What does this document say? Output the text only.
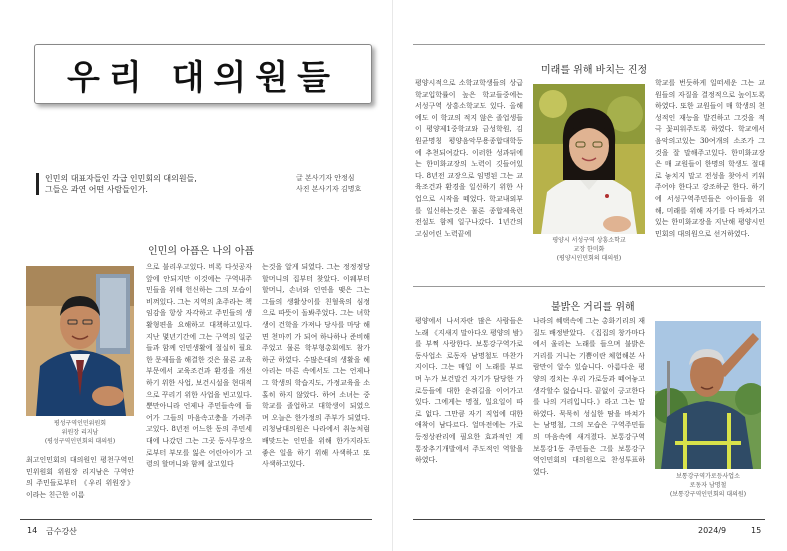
우리 대의원들
인민의 대표자들인 각급 인민회의 대의원들,
그들은 과연 어떤 사람들인가.
글 본사기자 안정심
사진 본사기자 김명호
인민의 아픔은 나의 아픔
평성구역인민위원회
위원장 리지남
(평성구역인민회의 대의원)
최고인민회의 대의원인 평천구역인민위원회 위원장 리지남은 구역안의 주민들로부터 《우리 위원장》이라는 친근한 이름
으로 불리우고있다. 비록 다섯공자앞에 안되지만 이것에는 구역내주민들을 위해 헌신하는 그의 모습이 비껴있다. 그는 지역의 초주라는 책임감을 항상 자각하고 주민들의 생활형편을 요해하고 대책하고있다. 지난 몇년기간에 그는 구역의 일군들과 함께 인민생활에 절실히 필요한 문제들을 해결한 것은 물론 교육부문에서 교육조건과 환경을 개선하기 위한 사업, 보건시설을 현대적으로 꾸리기 위한 사업을 빈고있다. 뿐만아니라 언제나 주민들속에 들어가 그들의 마음속고충을 가려주고있다. 8년전 어느한 동의 주민세대에 나갔던 그는 그곳 동사무장으로부터 부모를 잃은 어린아이가 고령의 할머니와 함께 살고있다
는것을 알게 되였다. 그는 정정정당 할머니의 집부터 찾았다. 이웨부터 할머니, 손녀와 인연을 맺은 그는 그들의 생활상이를 친혈육의 심정으로 따뜻이 돌봐주었다. 그는 녀학생이 건학을 가져나 당사를 마당 해면 천마끼 가 되여 하나하나 준비해주었고 물론 학부형총회에도 참가하군 하였다. 수많은대의 생활을 헤아리는 마른 속에서도 그는 언제나 그 학생의 학습지도, 가정교육을 소홀히 하지 않았다. 하여 소녀는 중학교를 졸업하고 대학생이 되였으며 오늘은 한가정의 주부가 되였다. 리청남대의원은 나라에서 취농처럼 배맞드는 인민을 위해 한가지라도 좋은 일을 하기 위해 사색하고 또 사색하고있다.
14 금수강산
미래를 위해 바치는 진정
평양시적으로 소학교학생들의 상급학교입학률이 높은 학교들중에는 서성구역 상흥소학교도 있다. 올해에도 이 학교의 적지 않은 졸업생들이 평양제1중학교와 금성학원, 김원균명칭 평양음악무용종합대학등에 추천되여갔다. 이러한 성과뒤에는 한미화교장의 노력이 깃들어있다. 8년전 교장으로 임명된 그는 교육조건과 환경을 일신하기 위한 사업으로 시작을 떼었다. 학교내외부를 일신하는것은 물론 종합제육런전설도 함께 일구나갔다. 1년간의 고심어린 노력끝에
평양시 서성구역 상흥소학교
교장 한미화
(평양시인민회의 대의원)
학교를 번듯하게 일떠세운 그는 교원들의 자질을 결정적으로 높이도록 하였다. 또한 교원들이 매 학생의 천성적인 재능을 발견하고 그것을 적극 꽃피워주도록 하였다. 학교에서 음악의고있는 30여개의 소조가 그것을 잘 말해주고있다. 한미화교장은 매 교원들이 한명의 학생도 절대로 놓치지 말고 전성을 찾아서 키워주어야 한다고 강조하군 한다. 하기에 서성구역주민들은 아이들을 위해, 미래를 위해 자기를 다 바쳐가고있는 한미화교장을 지난해 평양시인민회의 대의원으로 선거하였다.
불밝은 거리를 위해
평양에서 나서자란 많은 사람들은 노래 《지새지 말아다오 평양의 밤》를 부쩍 사랑한다. 보통강구역가로동사업소 로동자 남명철도 마찬가지이다. 그는 매일 이 노래를 부르며 누가 보건말건 자기가 담당한 가로등들에 대한 운쥐길을 이어가고있다. 그에게는 명절, 일요일이 따로 없다. 그만큼 자기 직업에 대한 애착이 남다르다. 얼마전에는 가로등정상관리에 필요한 효과적인 계통장추기개발에서 주도적인 역할을 하였다.
나라의 혜택속에 그는 총화기리의 재질도 배정받았다. 《집집의 창가마다에서 울리는 노래를 들으며 불밝은 거리를 거니는 기쁨이란 체험해본 사람만이 알수 있습니다. 아름다운 평양의 경치는 우리 가로등과 떼여놓고 생각할수 없습니다. 끝없이 긍고한다를 나의 거리입니다.》라고 그는 말하였다. 묵묵히 성실한 땀을 바쳐가는 남명철, 그의 모습은 구역주민들의 마음속에 새겨졌다. 보통강구역 보통강1동 주민들은 그를 보통강구역인민회의 대의원으로 찬성투표하였다.
보통강구역가로등사업소
로동자 남명철
(보통강구역인민회의 대의원)
2024/9	15
